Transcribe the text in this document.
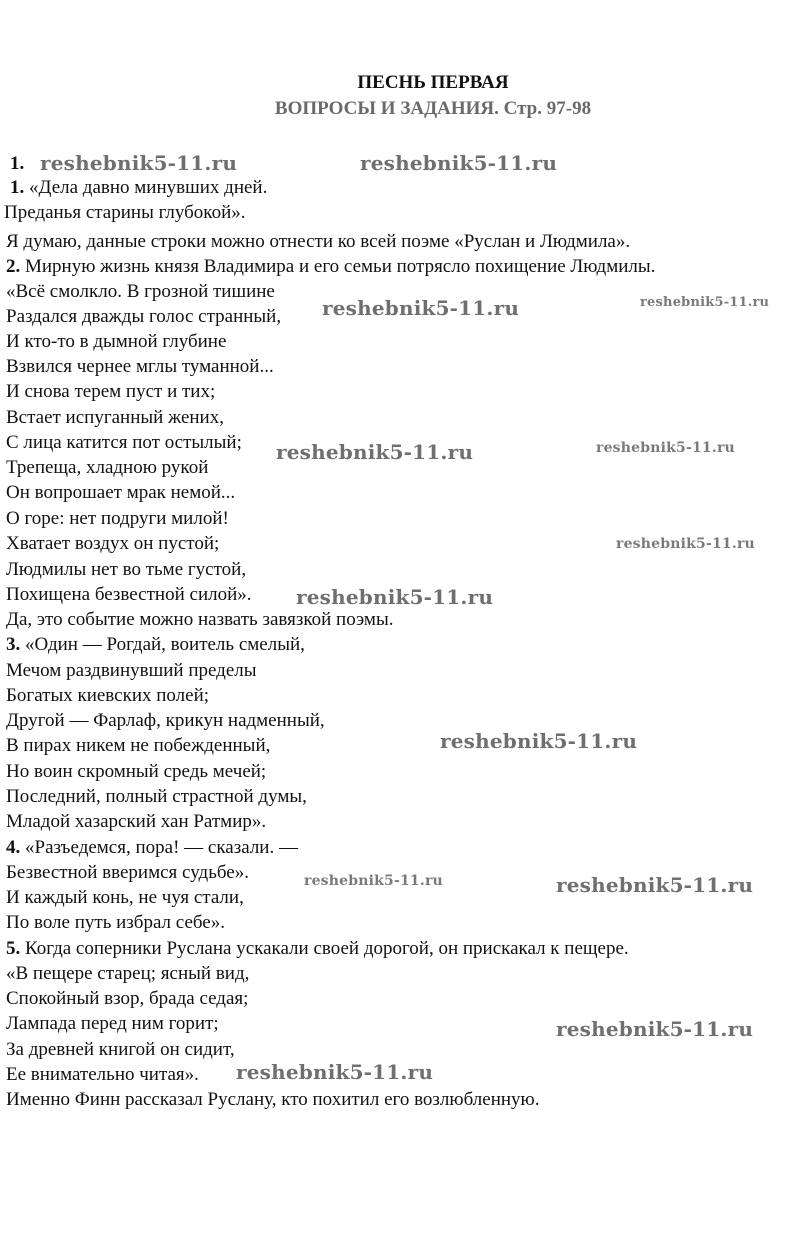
ПЕСНЬ ПЕРВАЯ
ВОПРОСЫ И ЗАДАНИЯ. Стр. 97-98
1.
1. «Дела давно минувших дней.
Преданья старины глубокой».
Я думаю, данные строки можно отнести ко всей поэме «Руслан и Людмила».
2. Мирную жизнь князя Владимира и его семьи потрясло похищение Людмилы.
«Всё смолкло. В грозной тишине
Раздался дважды голос странный,
И кто-то в дымной глубине
Взвился чернее мглы туманной...
И снова терем пуст и тих;
Встает испуганный жених,
С лица катится пот остылый;
Трепеща, хладною рукой
Он вопрошает мрак немой...
О горе: нет подруги милой!
Хватает воздух он пустой;
Людмилы нет во тьме густой,
Похищена безвестной силой».
Да, это событие можно назвать завязкой поэмы.
3. «Один — Рогдай, воитель смелый,
Мечом раздвинувший пределы
Богатых киевских полей;
Другой — Фарлаф, крикун надменный,
В пирах никем не побежденный,
Но воин скромный средь мечей;
Последний, полный страстной думы,
Младой хазарский хан Ратмир».
4. «Разъедемся, пора! — сказали. —
Безвестной вверимся судьбе».
И каждый конь, не чуя стали,
По воле путь избрал себе».
5. Когда соперники Руслана ускакали своей дорогой, он прискакал к пещере.
«В пещере старец; ясный вид,
Спокойный взор, брада седая;
Лампада перед ним горит;
За древней книгой он сидит,
Ее внимательно читая».
Именно Финн рассказал Руслану, кто похитил его возлюбленную.
reshebnik5-11.ru	reshebnik5-11.ru
reshebnik5-11.ru	reshebnik5-11.ru
reshebnik5-11.ru	reshebnik5-11.ru
reshebnik5-11.ru
reshebnik5-11.ru
reshebnik5-11.ru
reshebnik5-11.ru	reshebnik5-11.ru
reshebnik5-11.ru
reshebnik5-11.ru
